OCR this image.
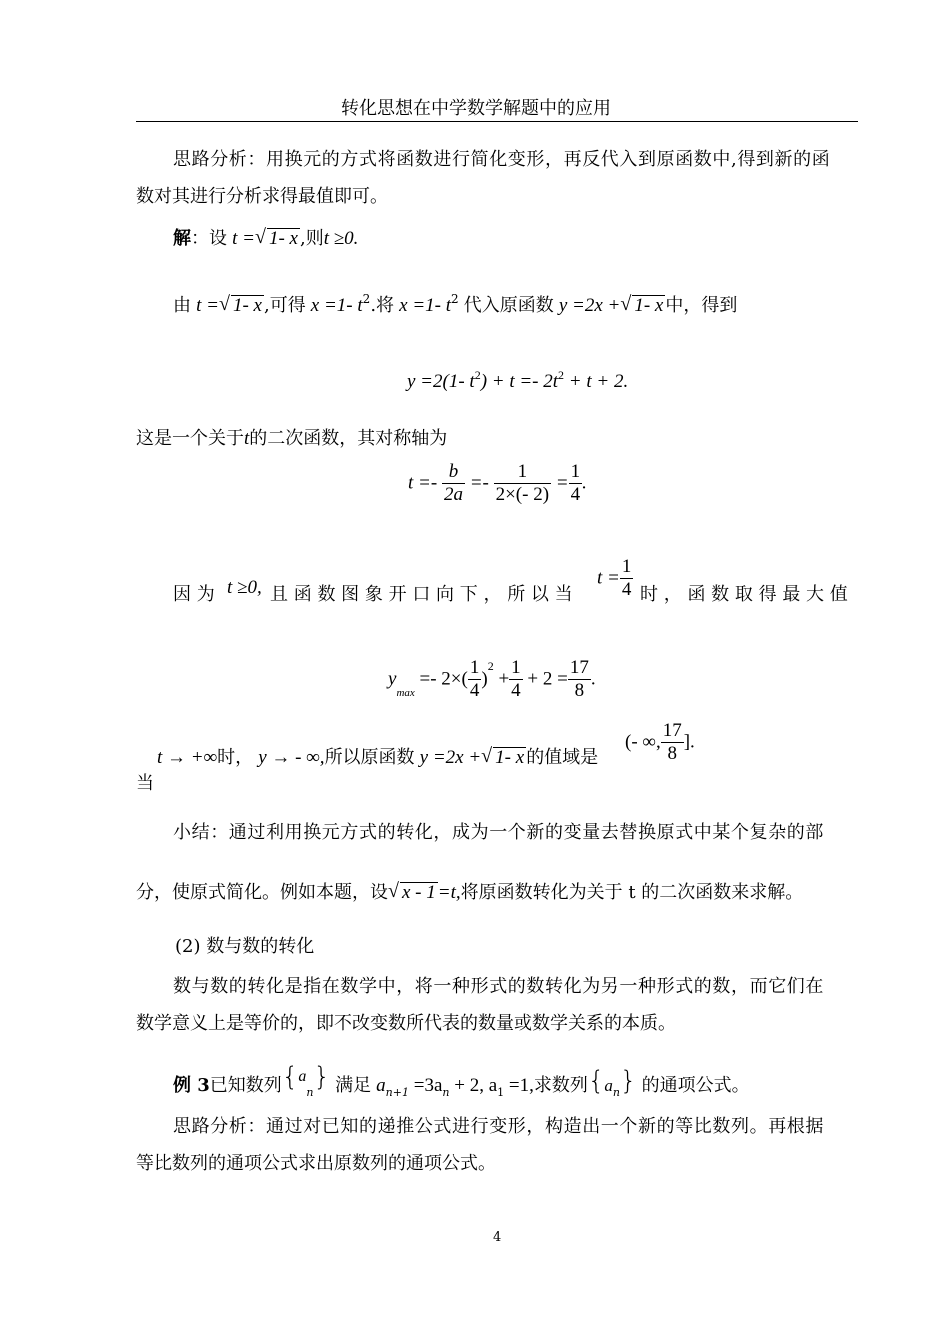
转化思想在中学数学解题中的应用
思路分析：用换元的方式将函数进行简化变形，再反代入到原函数中,得到新的函
数对其进行分析求得最值即可。
解：设 t = √ 1- x ,则t ≥0.
由 t = √ 1- x ,可得 x =1- $t^2$.将 x =1- $t^2$ 代入原函数 y =2x + √ 1- x 中，得到
y =2(1- $t^2) + t =- 2t^2 + t + 2$.
这是一个关于t的二次函数，其对称轴为
$t =- \frac{b}{2a} =- \frac{1}{2\times(- 2)} = \frac{1}{4}$ .
因 为 t ≥0, 且 函 数 图 象 开 口 向 下 ， 所 以 当
$t = \frac{1}{4}$ 时 ， 函 数 取 得 最 大 值
$y_{max} =- 2\times( \frac{1}{4} )^2 + \frac{1}{4} + 2 = \frac{17}{8}$ .
当
t → +∞时， y → - ∞,所以原函数 y =2x + √ 1- x 的值域是
(- ∞, $\frac{17}{8}$ ].
小结：通过利用换元方式的转化，成为一个新的变量去替换原式中某个复杂的部
分，使原式简化。例如本题，设 √ x - 1 =t,将原函数转化为关于 t 的二次函数来求解。
(2) 数与数的转化
数与数的转化是指在数学中，将一种形式的数转化为另一种形式的数，而它们在
数学意义上是等价的，即不改变数所代表的数量或数学关系的本质。
例 3已知数列$\{a_n\}$ 满足 $a_{n+1} =3a_n + 2$, $a_1 =1$,求数列$\{a_n\}$ 的通项公式。
思路分析：通过对已知的递推公式进行变形，构造出一个新的等比数列。再根据
等比数列的通项公式求出原数列的通项公式。
4
